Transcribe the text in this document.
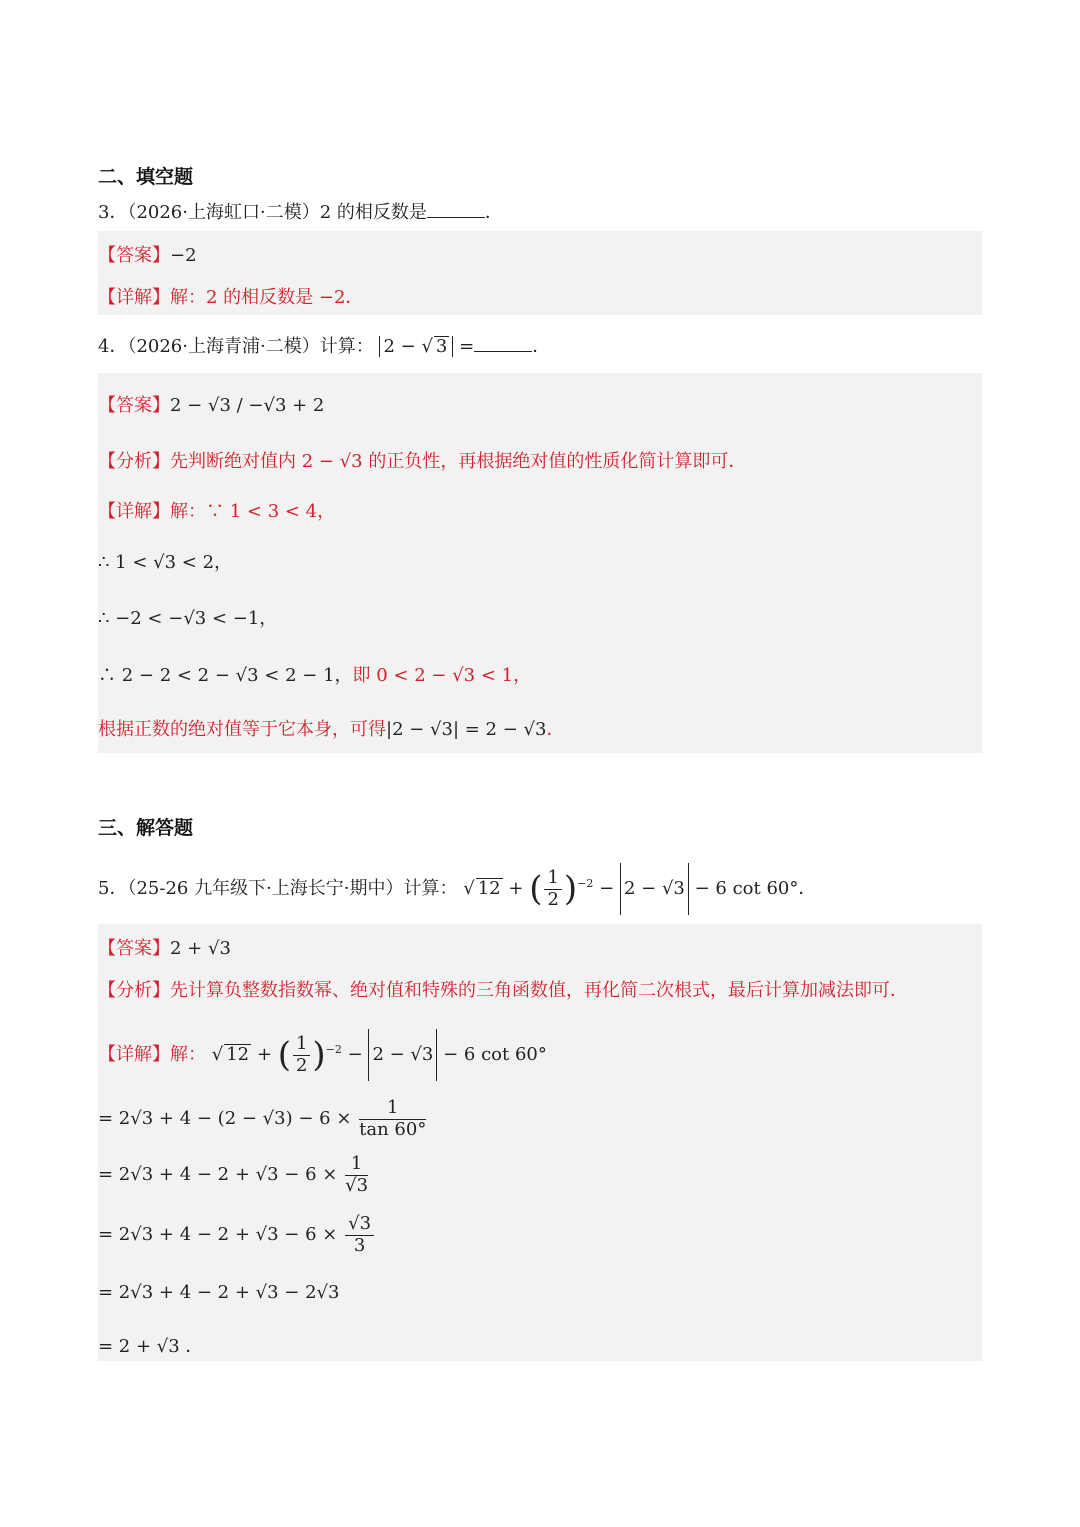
二、填空题
3．（2026·上海虹口·二模）2 的相反数是	．
【答案】−2
【详解】解：2 的相反数是 −2．
4．（2026·上海青浦·二模）计算： 2 − √ 3 =	．
【答案】2 − √3 / −√3 + 2
【分析】先判断绝对值内 2 − √3 的正负性，再根据绝对值的性质化简计算即可．
【详解】解：∵ 1 < 3 < 4，
∴ 1 < √3 < 2，
∴ −2 < −√3 < −1，
∴ 2 − 2 < 2 − √3 < 2 − 1，即 0 < 2 − √3 < 1，
根据正数的绝对值等于它本身，可得|2 − √3| = 2 − √3．
三、解答题
5．（25-26 九年级下·上海长宁·期中）计算： √ 12 + ( $\frac{1}{2} )^{-2} - 2 - √3 - 6$ cot 60°．
【答案】2 + √3
【分析】先计算负整数指数幂、绝对值和特殊的三角函数值，再化简二次根式，最后计算加减法即可．
【详解】解： √ 12 + ( $\frac{1}{2} )^{-2} - 2 - √3 - 6$ cot 60°
= $2√3 + 4 - (2 - √3) - 6 \times \frac{1}{\tan 60^\circ}$
= $2√3 + 4 - 2 + √3 - 6 \times \frac{1}{√3}$
= $2√3 + 4 - 2 + √3 - 6 \times \frac{√3}{3}$
= 2√3 + 4 − 2 + √3 − 2√3
= 2 + √3 ．
